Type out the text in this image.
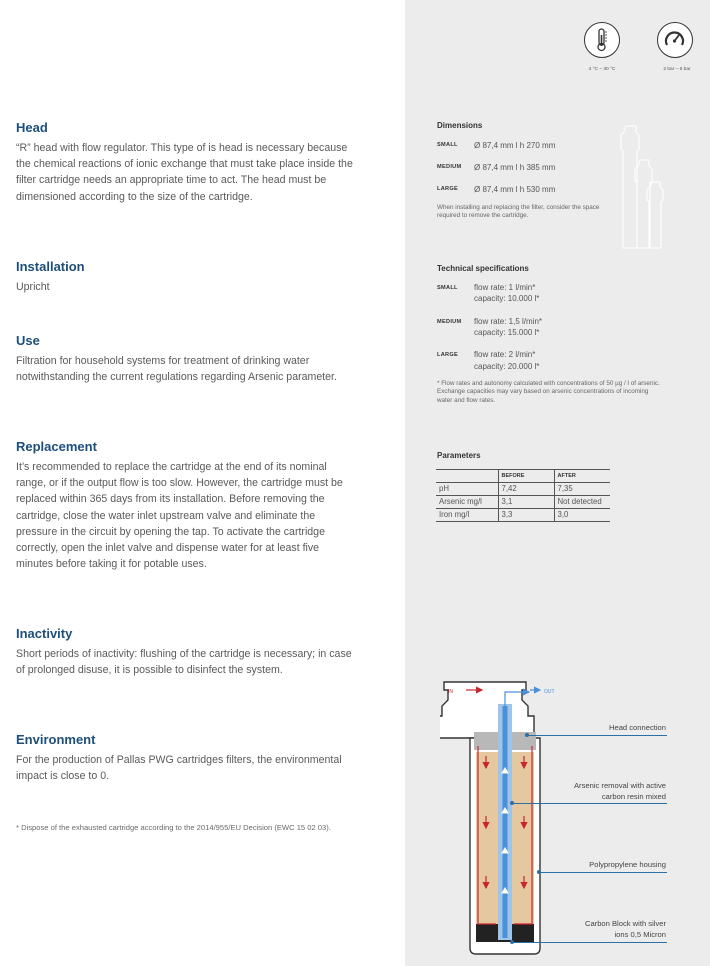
Head
“R” head with flow regulator. This type of is head is necessary because the chemical reactions of ionic exchange that must take place inside the filter cartridge needs an appropriate time to act. The head must be dimensioned according to the size of the cartridge.
Installation
Upricht
Use
Filtration for household systems for treatment of drinking water notwithstanding the current regulations regarding Arsenic parameter.
Replacement
It’s recommended to replace the cartridge at the end of its nominal range, or if the output flow is too slow. However, the cartridge must be replaced within 365 days from its installation. Before removing the cartridge, close the water inlet upstream valve and eliminate the pressure in the circuit by opening the tap. To activate the cartridge correctly, open the inlet valve and dispense water for at least five minutes before taking it for potable uses.
Inactivity
Short periods of inactivity: flushing of the cartridge is necessary; in case of prolonged disuse, it is possible to disinfect the system.
Environment
For the production of Pallas PWG cartridges filters, the environmental impact is close to 0.
* Dispose of the exhausted cartridge according to the 2014/955/EU Decision (EWC 15 02 03).
4 °C – 30 °C	2 bar – 6 bar
Dimensions
SMALL Ø 87,4 mm l h 270 mm
MEDIUM Ø 87,4 mm l h 385 mm
LARGE Ø 87,4 mm l h 530 mm
When installing and replacing the filter, consider the space required to remove the cartridge.
Technical specifications
SMALL flow rate: 1 l/min*
capacity: 10.000 l*
MEDIUM flow rate: 1,5 l/min*
capacity: 15.000 l*
LARGE flow rate: 2 l/min*
capacity: 20.000 l*
* Flow rates and autonomy calculated with concentrations of 50 µg / l of arsenic. Exchange capacities may vary based on arsenic concentrations of incoming water and flow rates.
Parameters
	BEFORE	AFTER
pH	7,42	7,35
Arsenic mg/l	3,1	Not detected
Iron mg/l	3,3	3,0
IN	OUT
Head connection
Arsenic removal with active carbon resin mixed
Polypropylene housing
Carbon Block with silver ions 0,5 Micron
